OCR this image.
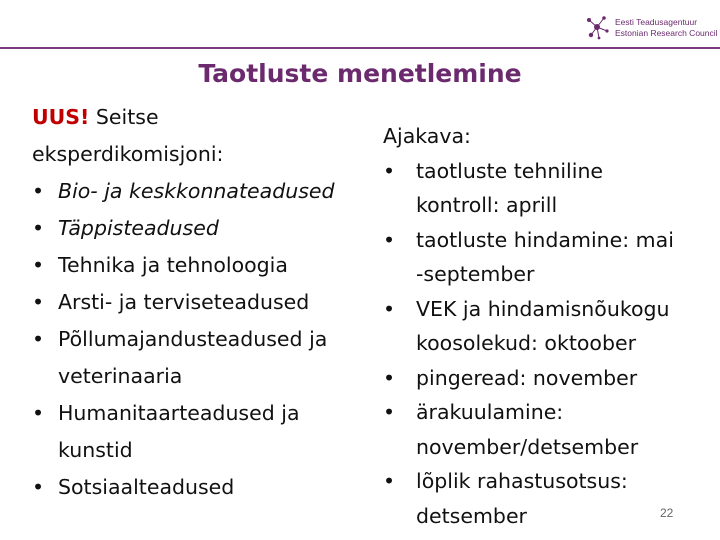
Eesti Teadusagentuur
Estonian Research Council
Taotluste menetlemine
UUS! Seitse
eksperdikomisjoni:
• Bio- ja keskkonnateadused
• Täppisteadused
• Tehnika ja tehnoloogia
• Arsti- ja terviseteadused
• Põllumajandusteadused ja
veterinaaria
• Humanitaarteadused ja
kunstid
• Sotsiaalteadused
Ajakava:
• taotluste tehniline
kontroll: aprill
• taotluste hindamine: mai
-september
• VEK ja hindamisnõukogu
koosolekud: oktoober
• pingeread: november
• ärakuulamine:
november/detsember
• lõplik rahastusotsus:
detsember	22
